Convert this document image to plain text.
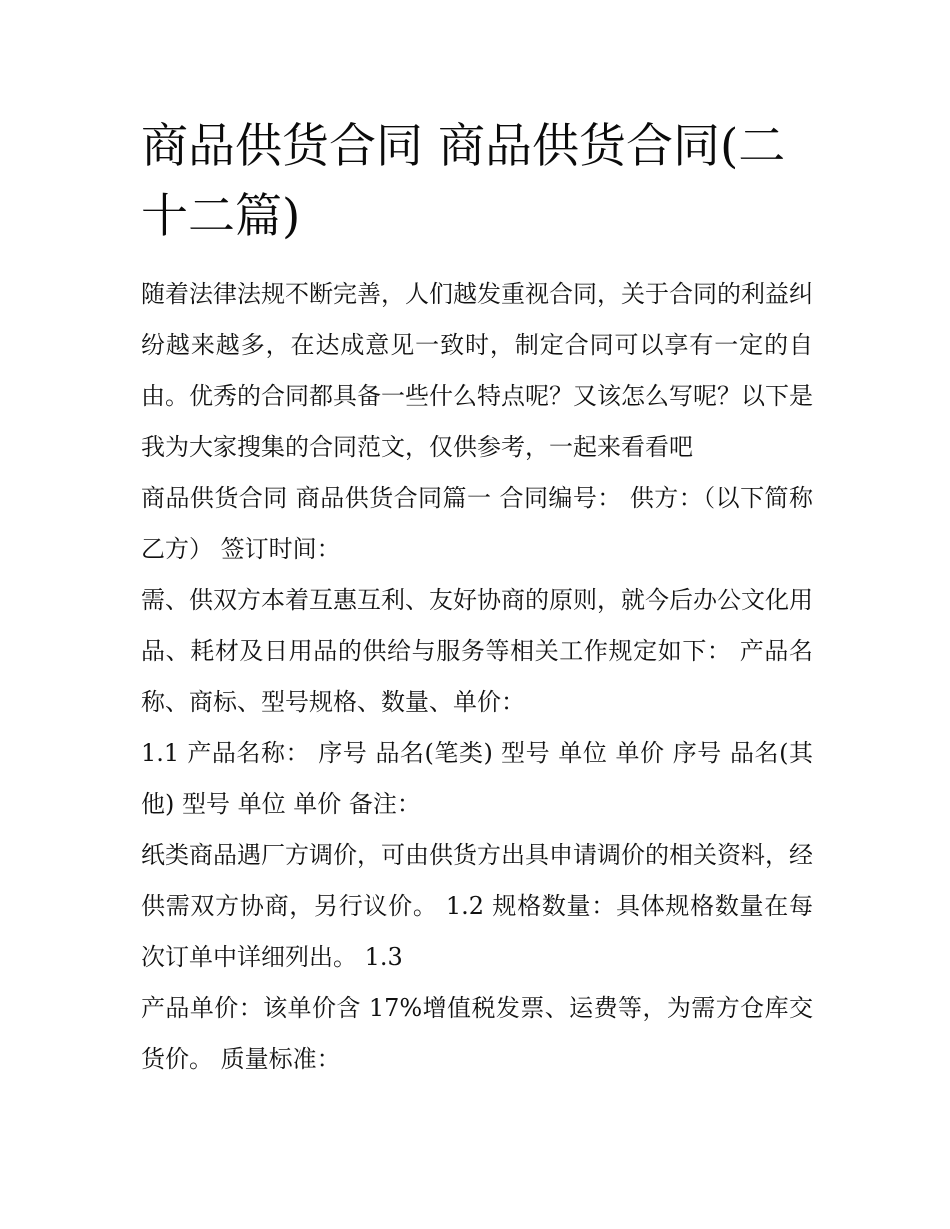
商品供货合同 商品供货合同(二十二篇)

随着法律法规不断完善，人们越发重视合同，关于合同的利益纠纷越来越多，在达成意见一致时，制定合同可以享有一定的自由。优秀的合同都具备一些什么特点呢？又该怎么写呢？以下是我为大家搜集的合同范文，仅供参考，一起来看看吧

商品供货合同 商品供货合同篇一 合同编号： 供方：（以下简称乙方） 签订时间：

需、供双方本着互惠互利、友好协商的原则，就今后办公文化用品、耗材及日用品的供给与服务等相关工作规定如下： 产品名称、商标、型号规格、数量、单价：

1.1 产品名称： 序号 品名(笔类) 型号 单位 单价 序号 品名(其他) 型号 单位 单价 备注：

纸类商品遇厂方调价，可由供货方出具申请调价的相关资料，经供需双方协商，另行议价。 1.2 规格数量：具体规格数量在每次订单中详细列出。 1.3

产品单价：该单价含 17%增值税发票、运费等，为需方仓库交货价。 质量标准：
